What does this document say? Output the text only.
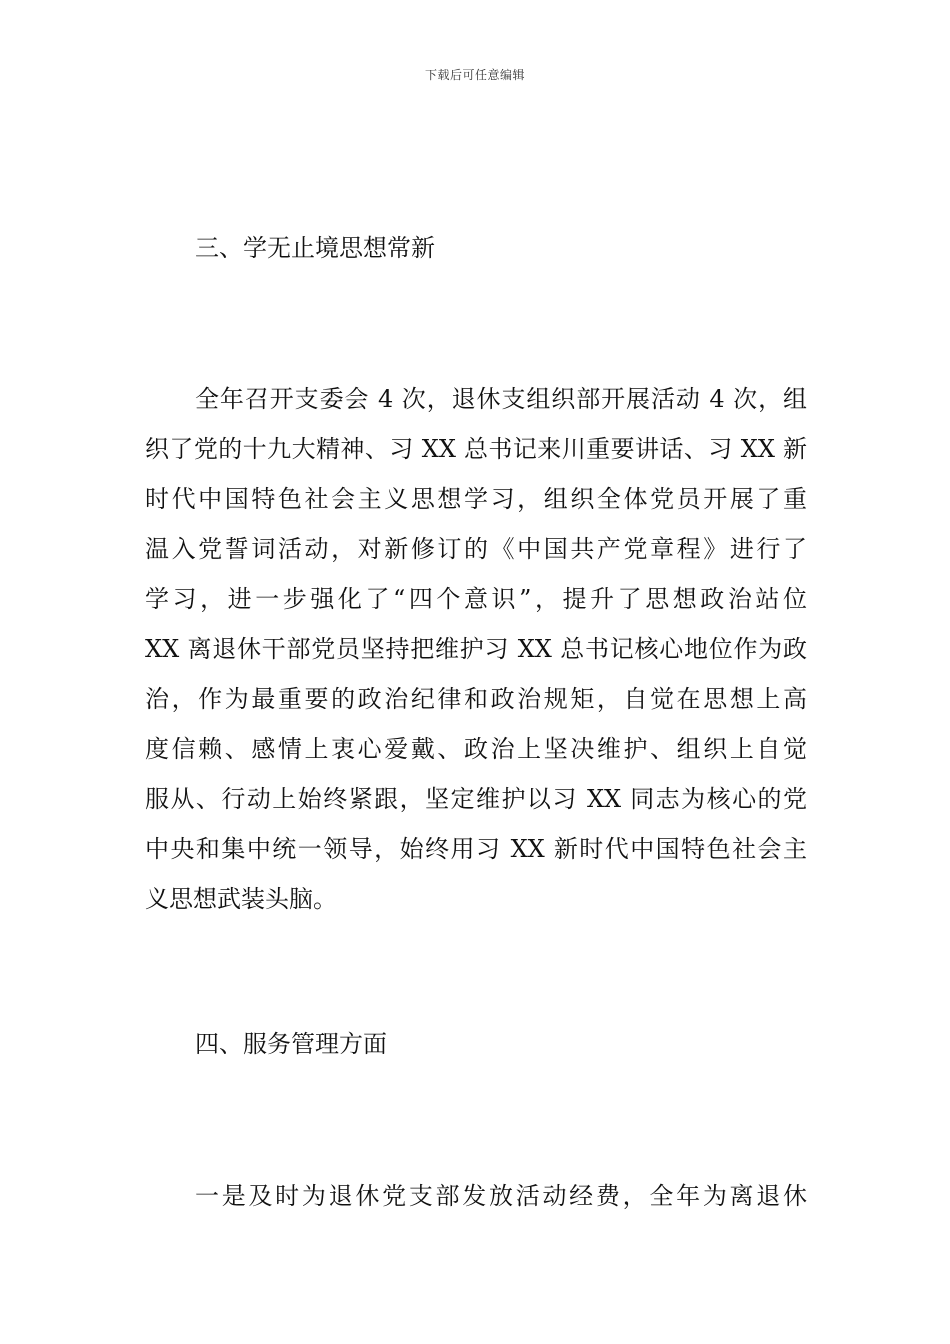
下载后可任意编辑
三、学无止境思想常新
全年召开支委会 4 次，退休支组织部开展活动 4 次，组
织了党的十九大精神、习 XX 总书记来川重要讲话、习 XX 新
时代中国特色社会主义思想学习，组织全体党员开展了重
温入党誓词活动，对新修订的《中国共产党章程》进行了
学习，进一步强化了“四个意识”，提升了思想政治站位
XX 离退休干部党员坚持把维护习 XX 总书记核心地位作为政
治，作为最重要的政治纪律和政治规矩，自觉在思想上高
度信赖、感情上衷心爱戴、政治上坚决维护、组织上自觉
服从、行动上始终紧跟，坚定维护以习 XX 同志为核心的党
中央和集中统一领导，始终用习 XX 新时代中国特色社会主
义思想武装头脑。
四、服务管理方面
一是及时为退休党支部发放活动经费，全年为离退休
